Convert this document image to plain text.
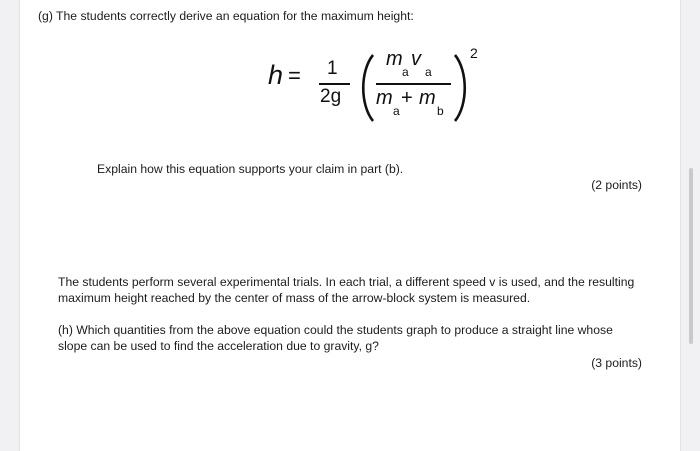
(g) The students correctly derive an equation for the maximum height:
h = 1
2g
m
a
v
a
m
a
+ m
b
2
Explain how this equation supports your claim in part (b).
(2 points)
The students perform several experimental trials. In each trial, a different speed v is used, and the resulting
maximum height reached by the center of mass of the arrow-block system is measured.
(h) Which quantities from the above equation could the students graph to produce a straight line whose
slope can be used to find the acceleration due to gravity, g?
(3 points)
